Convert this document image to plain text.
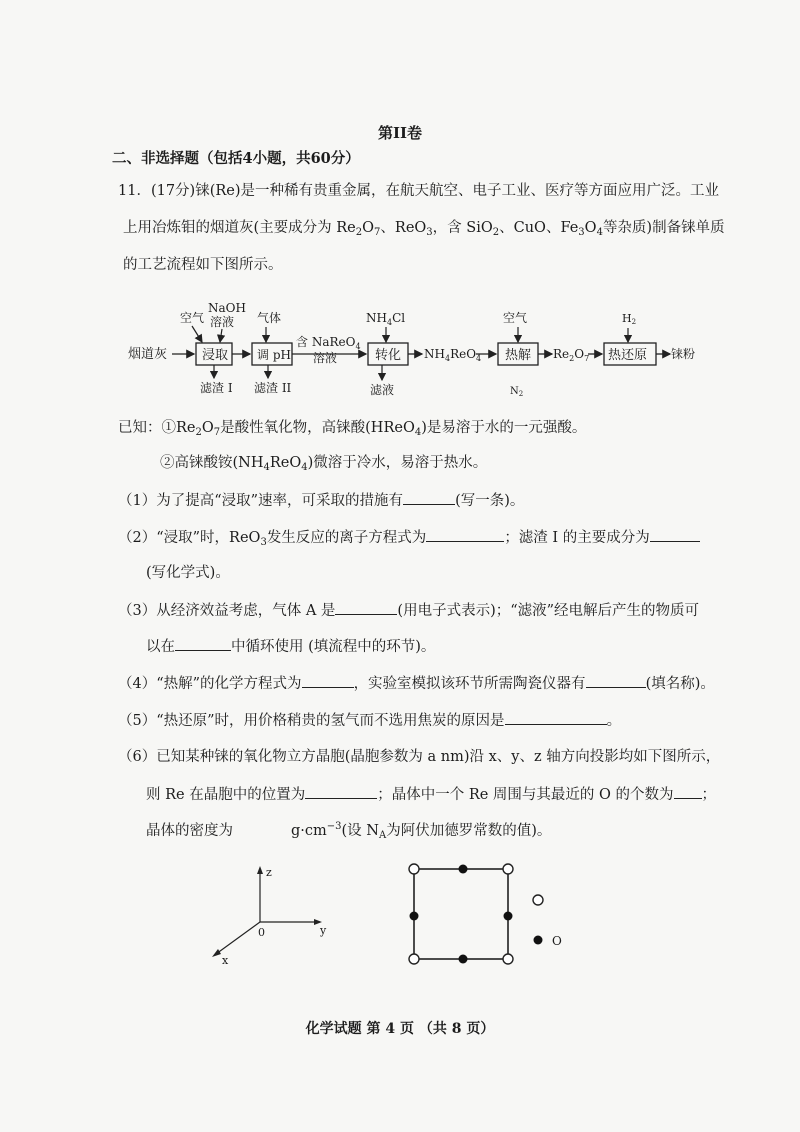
第II卷
二、非选择题（包括4小题，共60分）
11．(17分)铼(Re)是一种稀有贵重金属，在航天航空、电子工业、医疗等方面应用广泛。工业
上用冶炼钼的烟道灰(主要成分为 $Re_2O_7$、ReO$_3$，含 SiO$_2$、CuO、$Fe_3O_4$等杂质)制备铼单质
的工艺流程如下图所示。
烟道灰	浸取
空气
NaOH
溶液
滤渣 I
调 pH
气体
滤渣 II
含 NaReO$_4$
溶液	转化
$NH_4Cl$
滤液
$NH_4ReO_4$ 热解
空气
$N_2$
$Re_2O_7$ 热还原
H2
铼粉
已知：$①Re_2O_7$是酸性氧化物，高铼酸(HReO$_4$)是易溶于水的一元强酸。
②高铼酸铵$(NH_4ReO_4)$微溶于冷水，易溶于热水。
（1）为了提高“浸取”速率，可采取的措施有	(写一条)。
（2）“浸取”时，ReO$_3$发生反应的离子方程式为	；滤渣 I 的主要成分为
(写化学式)。
（3）从经济效益考虑，气体 A 是	(用电子式表示)；“滤液”经电解后产生的物质可
以在	中循环使用 (填流程中的环节)。
（4）“热解”的化学方程式为	，实验室模拟该环节所需陶瓷仪器有	(填名称)。
（5）“热还原”时，用价格稍贵的氢气而不选用焦炭的原因是	。
（6）已知某种铼的氧化物立方晶胞(晶胞参数为 a nm)沿 x、y、z 轴方向投影均如下图所示，
则 Re 在晶胞中的位置为	；晶体中一个 Re 周围与其最近的 O 的个数为 ；
晶体的密度为	$g\cdot cm^{-3}$(设 $N_A$为阿伏加德罗常数的值)。
z
y
x
0
O
化学试题 第 4 页 （共 8 页）
